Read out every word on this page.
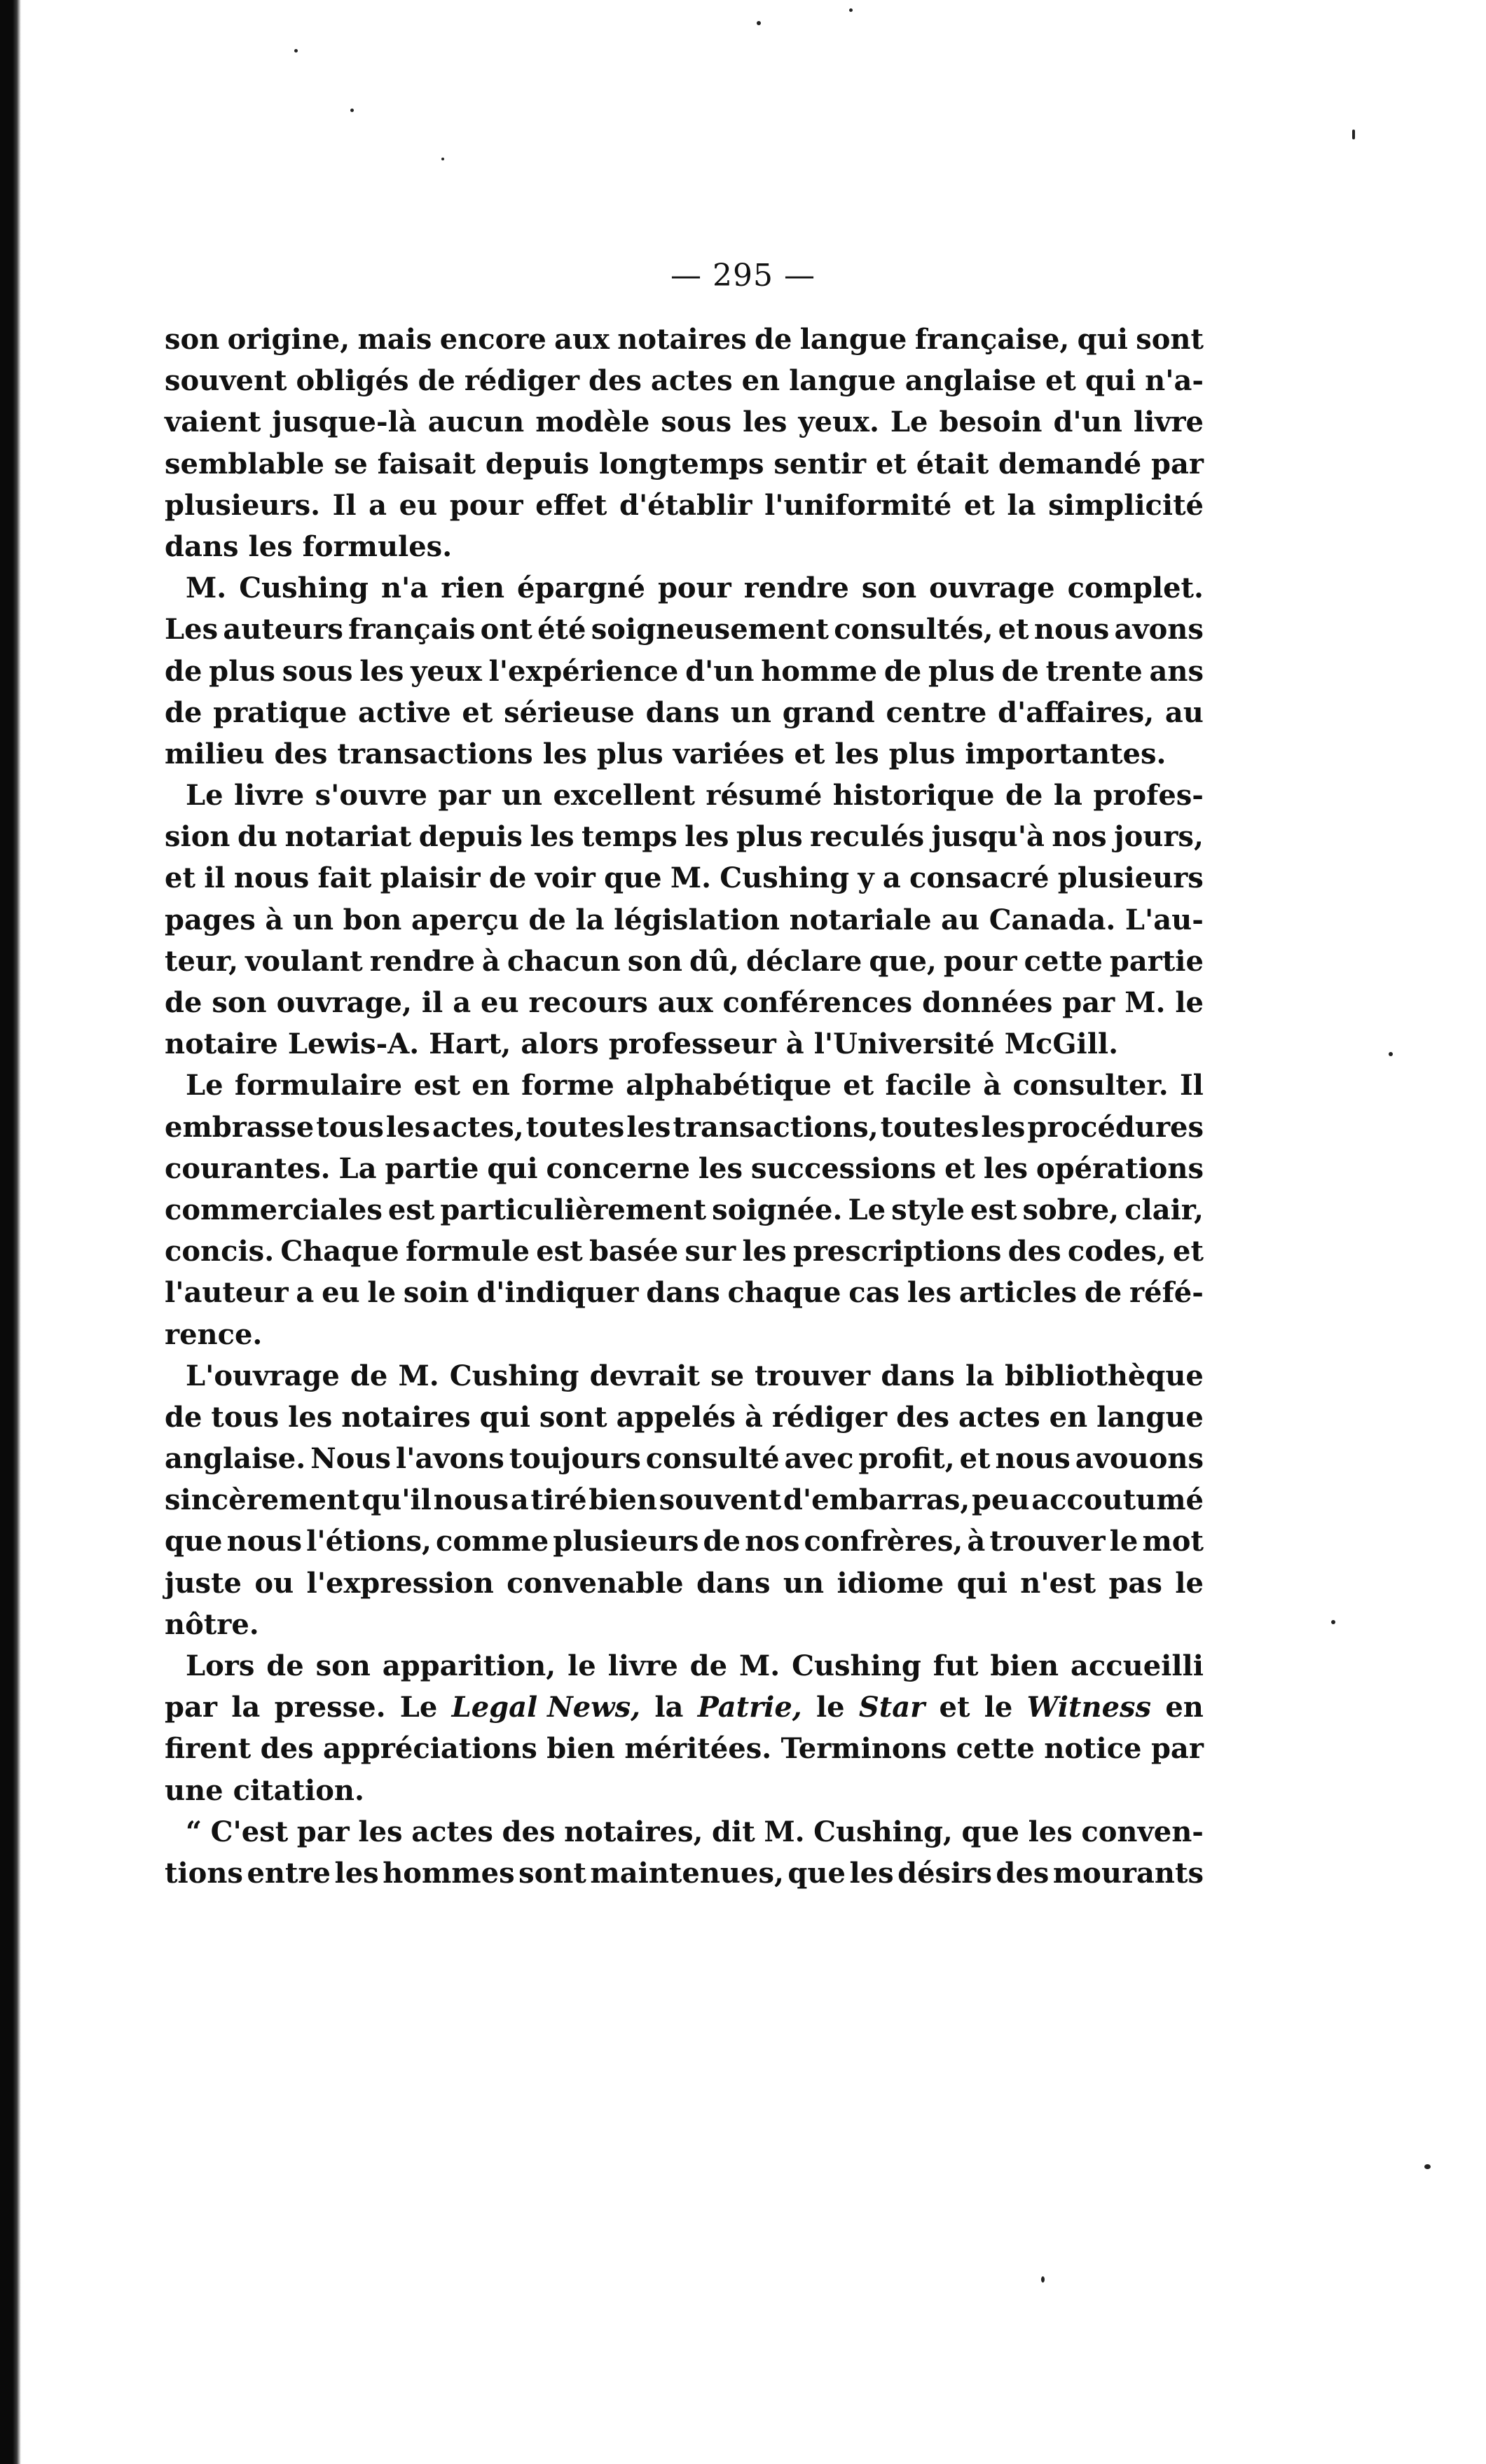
— 295 —
son origine, mais encore aux notaires de langue française, qui sont
souvent obligés de rédiger des actes en langue anglaise et qui n'a-
vaient jusque-là aucun modèle sous les yeux. Le besoin d'un livre
semblable se faisait depuis longtemps sentir et était demandé par
plusieurs. Il a eu pour effet d'établir l'uniformité et la simplicité
dans les formules.
M. Cushing n'a rien épargné pour rendre son ouvrage complet.
Les auteurs français ont été soigneusement consultés, et nous avons
de plus sous les yeux l'expérience d'un homme de plus de trente ans
de pratique active et sérieuse dans un grand centre d'affaires, au
milieu des transactions les plus variées et les plus importantes.
Le livre s'ouvre par un excellent résumé historique de la profes-
sion du notariat depuis les temps les plus reculés jusqu'à nos jours,
et il nous fait plaisir de voir que M. Cushing y a consacré plusieurs
pages à un bon aperçu de la législation notariale au Canada. L'au-
teur, voulant rendre à chacun son dû, déclare que, pour cette partie
de son ouvrage, il a eu recours aux conférences données par M. le
notaire Lewis-A. Hart, alors professeur à l'Université McGill.
Le formulaire est en forme alphabétique et facile à consulter. Il
embrasse tous les actes, toutes les transactions, toutes les procédures
courantes. La partie qui concerne les successions et les opérations
commerciales est particulièrement soignée. Le style est sobre, clair,
concis. Chaque formule est basée sur les prescriptions des codes, et
l'auteur a eu le soin d'indiquer dans chaque cas les articles de réfé-
rence.
L'ouvrage de M. Cushing devrait se trouver dans la bibliothèque
de tous les notaires qui sont appelés à rédiger des actes en langue
anglaise. Nous l'avons toujours consulté avec profit, et nous avouons
sincèrement qu'il nous a tiré bien souvent d'embarras, peu accoutumé
que nous l'étions, comme plusieurs de nos confrères, à trouver le mot
juste ou l'expression convenable dans un idiome qui n'est pas le
nôtre.
Lors de son apparition, le livre de M. Cushing fut bien accueilli
par la presse. Le Legal News, la Patrie, le Star et le Witness en
firent des appréciations bien méritées. Terminons cette notice par
une citation.
“ C'est par les actes des notaires, dit M. Cushing, que les conven-
tions entre les hommes sont maintenues, que les désirs des mourants
